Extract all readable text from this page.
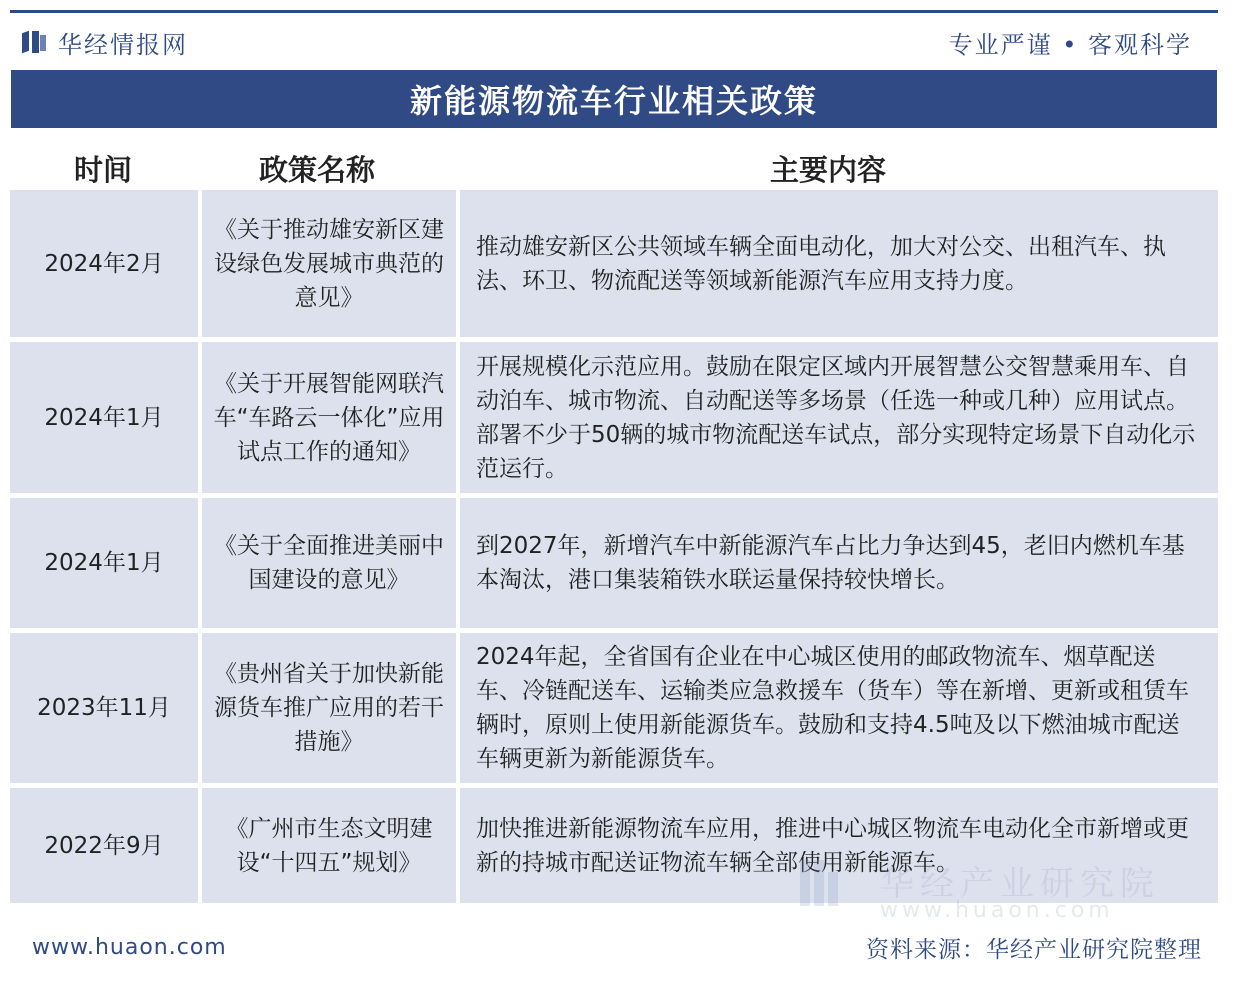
华经情报网	专业严谨 • 客观科学
新能源物流车行业相关政策
时间	政策名称	主要内容
2024年2月	《关于推动雄安新区建设绿色发展城市典范的意见》	推动雄安新区公共领域车辆全面电动化，加大对公交、出租汽车、执法、环卫、物流配送等领域新能源汽车应用支持力度。
2024年1月	《关于开展智能网联汽车“车路云一体化”应用试点工作的通知》	开展规模化示范应用。鼓励在限定区域内开展智慧公交智慧乘用车、自动泊车、城市物流、自动配送等多场景（任选一种或几种）应用试点。部署不少于50辆的城市物流配送车试点，部分实现特定场景下自动化示范运行。
2024年1月	《关于全面推进美丽中国建设的意见》	到2027年，新增汽车中新能源汽车占比力争达到45，老旧内燃机车基本淘汰，港口集装箱铁水联运量保持较快增长。
2023年11月	《贵州省关于加快新能源货车推广应用的若干措施》	2024年起，全省国有企业在中心城区使用的邮政物流车、烟草配送车、冷链配送车、运输类应急救援车（货车）等在新增、更新或租赁车辆时，原则上使用新能源货车。鼓励和支持4.5吨及以下燃油城市配送车辆更新为新能源货车。
2022年9月	《广州市生态文明建设“十四五”规划》	加快推进新能源物流车应用，推进中心城区物流车电动化全市新增或更新的持城市配送证物流车辆全部使用新能源车。
华经产业研究院
www.huaon.com
www.huaon.com	资料来源：华经产业研究院整理
